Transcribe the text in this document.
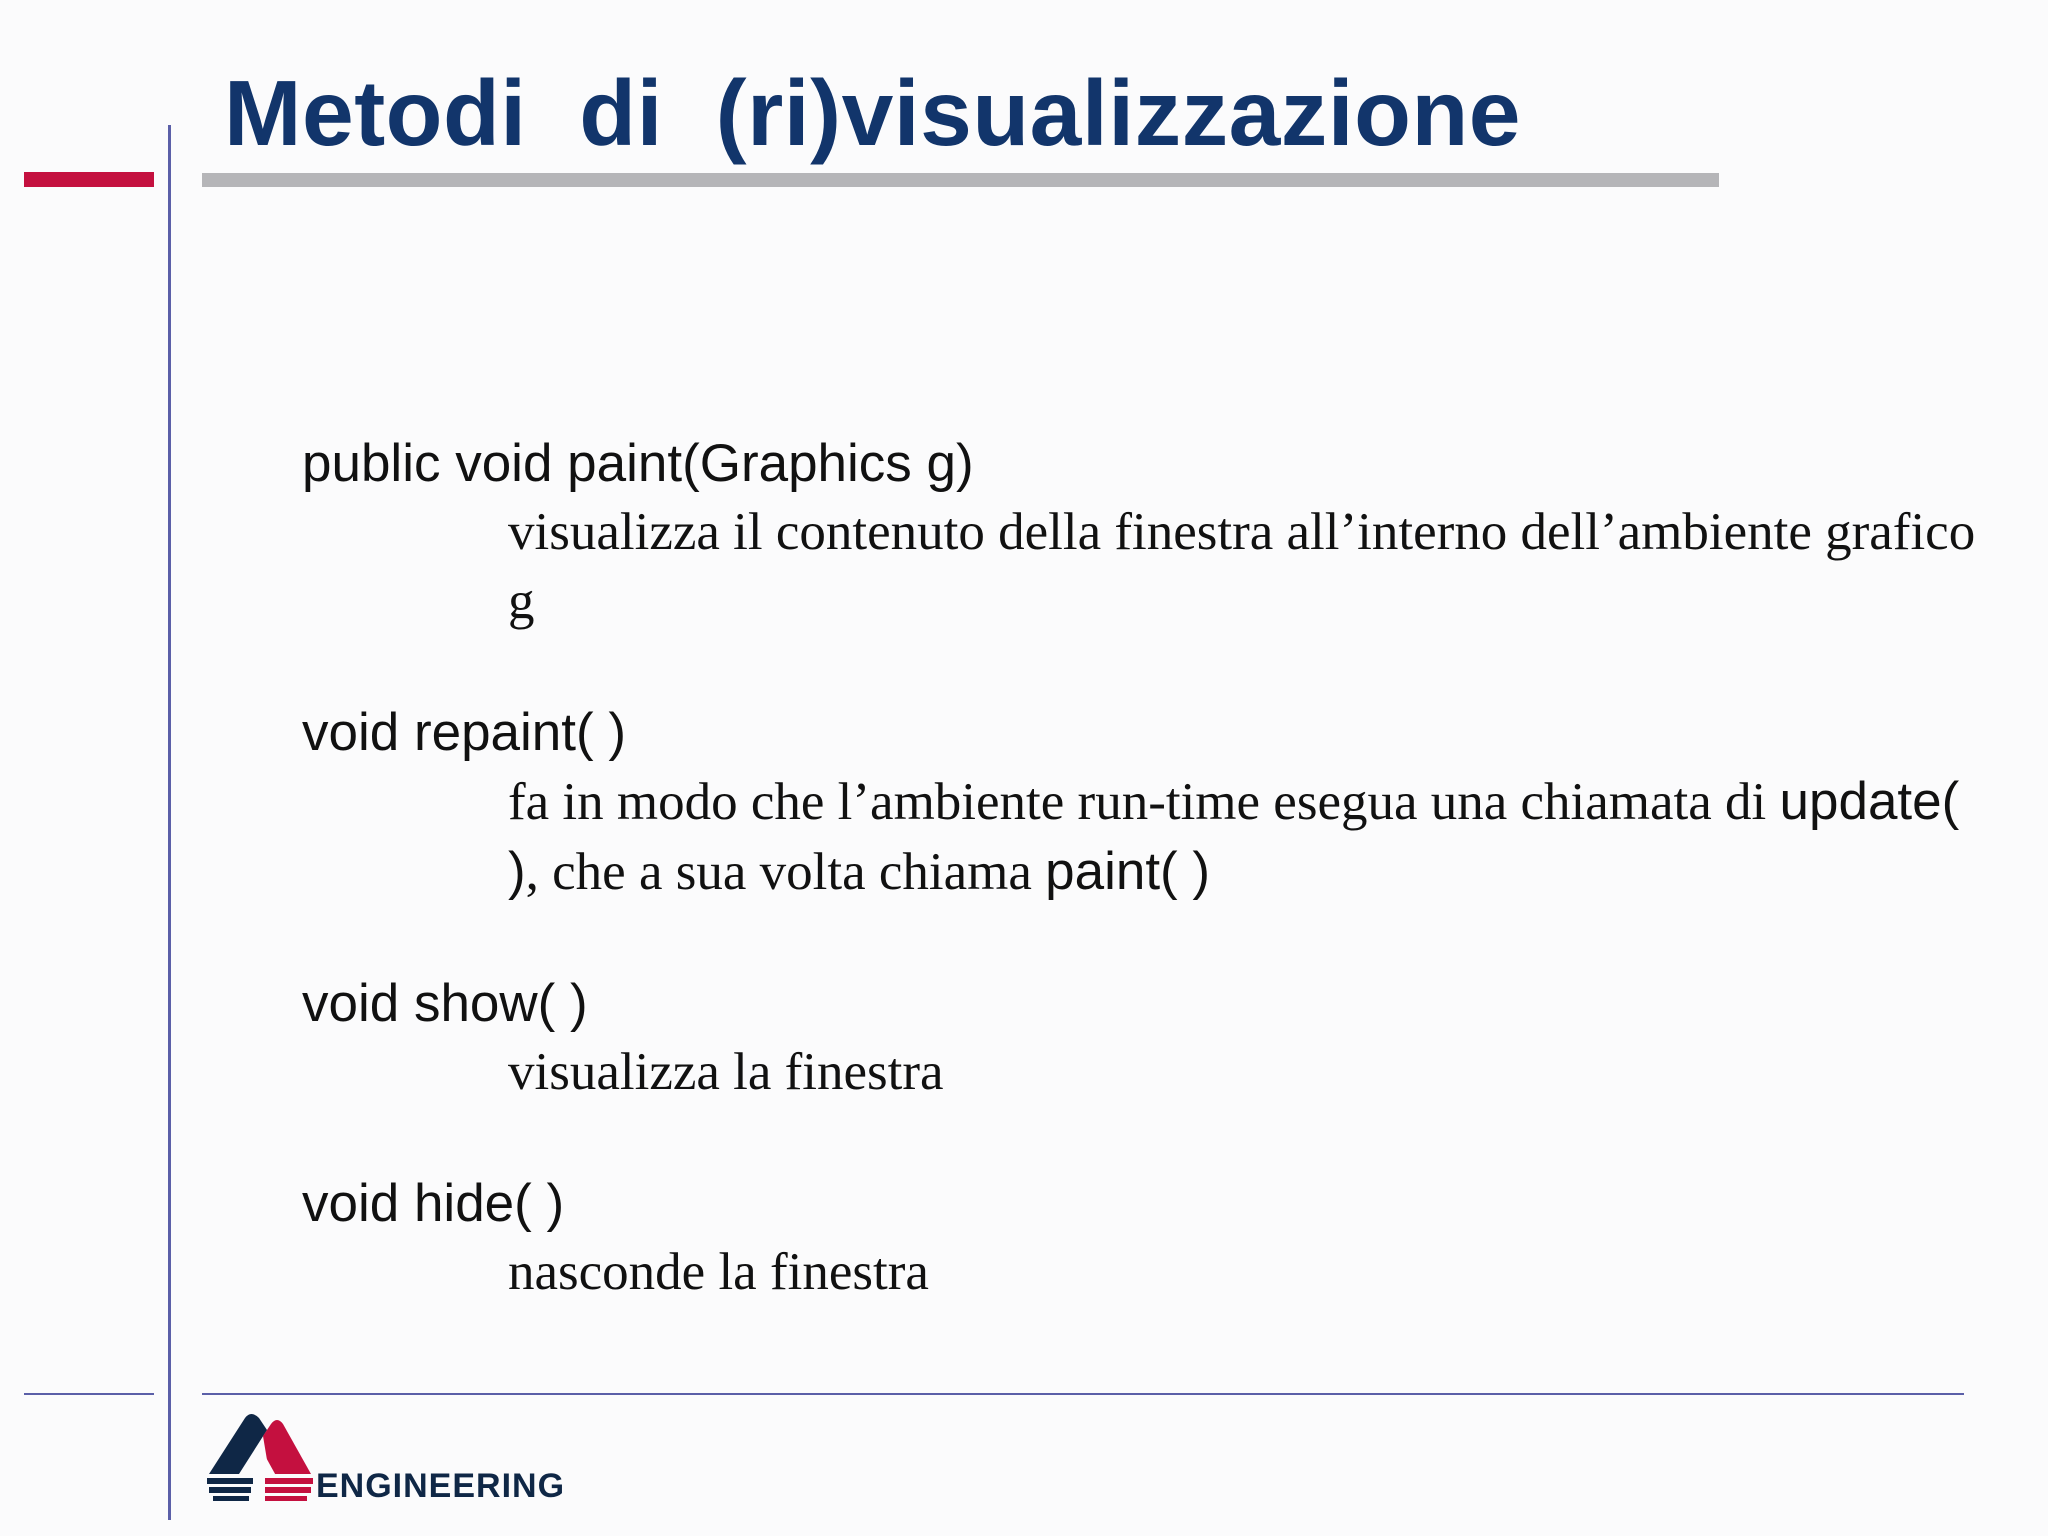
Metodi  di  (ri)visualizzazione
public void paint(Graphics g)
visualizza il contenuto della finestra all’interno dell’ambiente grafico g
void repaint( )
fa in modo che l’ambiente run-time esegua una chiamata di update( ), che a sua volta chiama paint( )
void show( )
visualizza la finestra
void hide( )
nasconde la finestra
ENGINEERING
